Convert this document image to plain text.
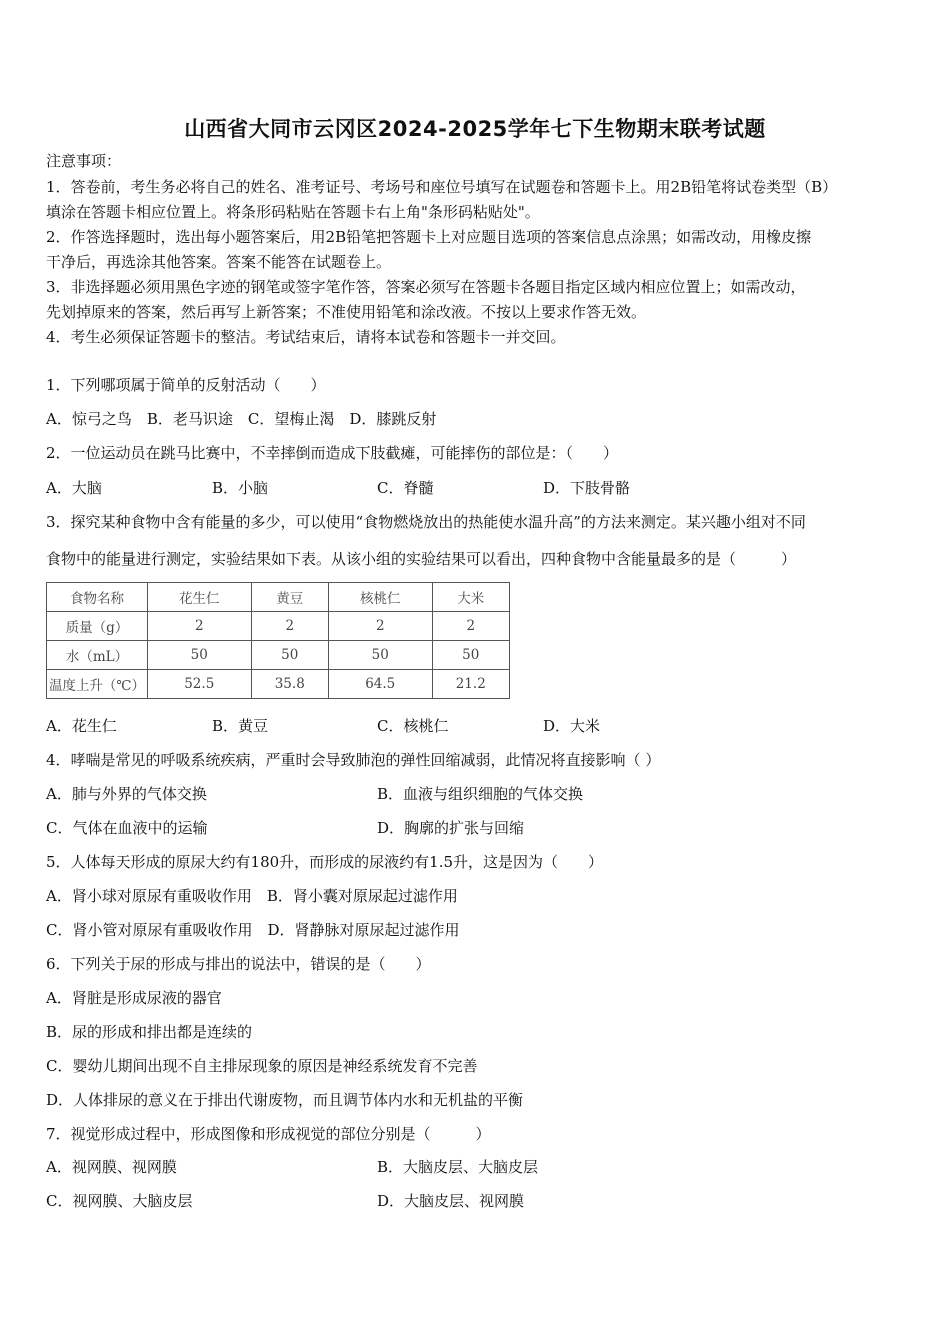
山西省大同市云冈区2024-2025学年七下生物期末联考试题
注意事项：
1．答卷前，考生务必将自己的姓名、准考证号、考场号和座位号填写在试题卷和答题卡上。用2B铅笔将试卷类型（B）
填涂在答题卡相应位置上。将条形码粘贴在答题卡右上角"条形码粘贴处"。
2．作答选择题时，选出每小题答案后，用2B铅笔把答题卡上对应题目选项的答案信息点涂黑；如需改动，用橡皮擦
干净后，再选涂其他答案。答案不能答在试题卷上。
3．非选择题必须用黑色字迹的钢笔或签字笔作答，答案必须写在答题卡各题目指定区域内相应位置上；如需改动，
先划掉原来的答案，然后再写上新答案；不准使用铅笔和涂改液。不按以上要求作答无效。
4．考生必须保证答题卡的整洁。考试结束后，请将本试卷和答题卡一并交回。
1．下列哪项属于简单的反射活动（　　）
A．惊弓之鸟　B．老马识途　C．望梅止渴　D．膝跳反射
2．一位运动员在跳马比赛中，不幸摔倒而造成下肢截瘫，可能摔伤的部位是：（　　）
A．大脑	B．小脑	C．脊髓	D．下肢骨骼
3．探究某种食物中含有能量的多少，可以使用“食物燃烧放出的热能使水温升高”的方法来测定。某兴趣小组对不同
食物中的能量进行测定，实验结果如下表。从该小组的实验结果可以看出，四种食物中含能量最多的是（　　　）
食物名称	花生仁	黄豆	核桃仁	大米
质量（g）	2	2	2	2
水（mL）	50	50	50	50
温度上升（℃）	52.5	35.8	64.5	21.2
A．花生仁	B．黄豆	C．核桃仁	D．大米
4．哮喘是常见的呼吸系统疾病，严重时会导致肺泡的弹性回缩减弱，此情况将直接影响（ ）
A．肺与外界的气体交换	B．血液与组织细胞的气体交换
C．气体在血液中的运输	D．胸廓的扩张与回缩
5．人体每天形成的原尿大约有180升，而形成的尿液约有1.5升，这是因为（　　）
A．肾小球对原尿有重吸收作用　B．肾小囊对原尿起过滤作用
C．肾小管对原尿有重吸收作用　D．肾静脉对原尿起过滤作用
6．下列关于尿的形成与排出的说法中，错误的是（　　）
A．肾脏是形成尿液的器官
B．尿的形成和排出都是连续的
C．婴幼儿期间出现不自主排尿现象的原因是神经系统发育不完善
D．人体排尿的意义在于排出代谢废物，而且调节体内水和无机盐的平衡
7．视觉形成过程中，形成图像和形成视觉的部位分别是（　　　）
A．视网膜、视网膜	B．大脑皮层、大脑皮层
C．视网膜、大脑皮层	D．大脑皮层、视网膜
